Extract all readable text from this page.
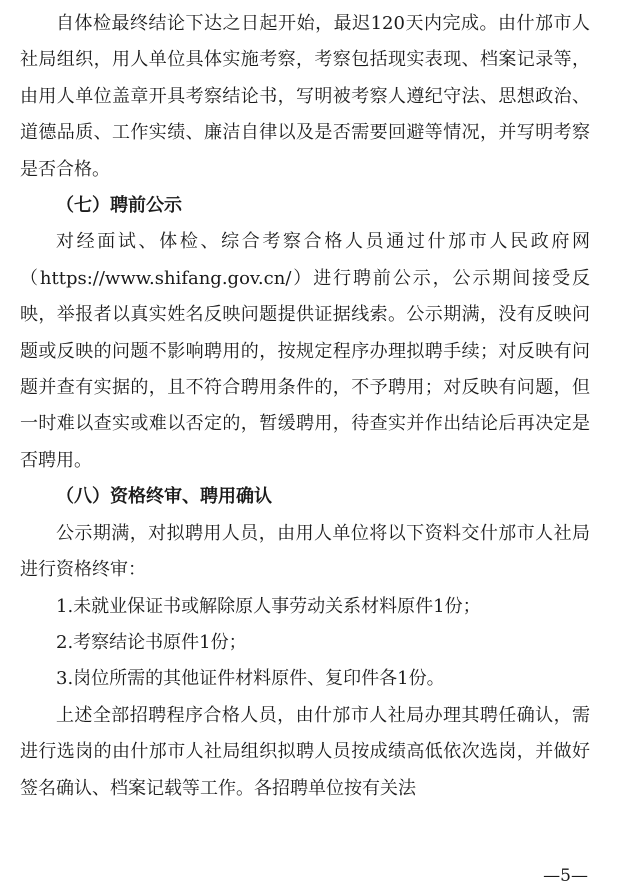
自体检最终结论下达之日起开始，最迟120天内完成。由什邡市人社局组织，用人单位具体实施考察，考察包括现实表现、档案记录等，由用人单位盖章开具考察结论书，写明被考察人遵纪守法、思想政治、道德品质、工作实绩、廉洁自律以及是否需要回避等情况，并写明考察是否合格。

（七）聘前公示

对经面试、体检、综合考察合格人员通过什邡市人民政府网（https://www.shifang.gov.cn/）进行聘前公示，公示期间接受反映，举报者以真实姓名反映问题提供证据线索。公示期满，没有反映问题或反映的问题不影响聘用的，按规定程序办理拟聘手续；对反映有问题并查有实据的，且不符合聘用条件的，不予聘用；对反映有问题，但一时难以查实或难以否定的，暂缓聘用，待查实并作出结论后再决定是否聘用。

（八）资格终审、聘用确认

公示期满，对拟聘用人员，由用人单位将以下资料交什邡市人社局进行资格终审：

1.未就业保证书或解除原人事劳动关系材料原件1份；

2.考察结论书原件1份；

3.岗位所需的其他证件材料原件、复印件各1份。

上述全部招聘程序合格人员，由什邡市人社局办理其聘任确认，需进行选岗的由什邡市人社局组织拟聘人员按成绩高低依次选岗，并做好签名确认、档案记载等工作。各招聘单位按有关法

—5—
